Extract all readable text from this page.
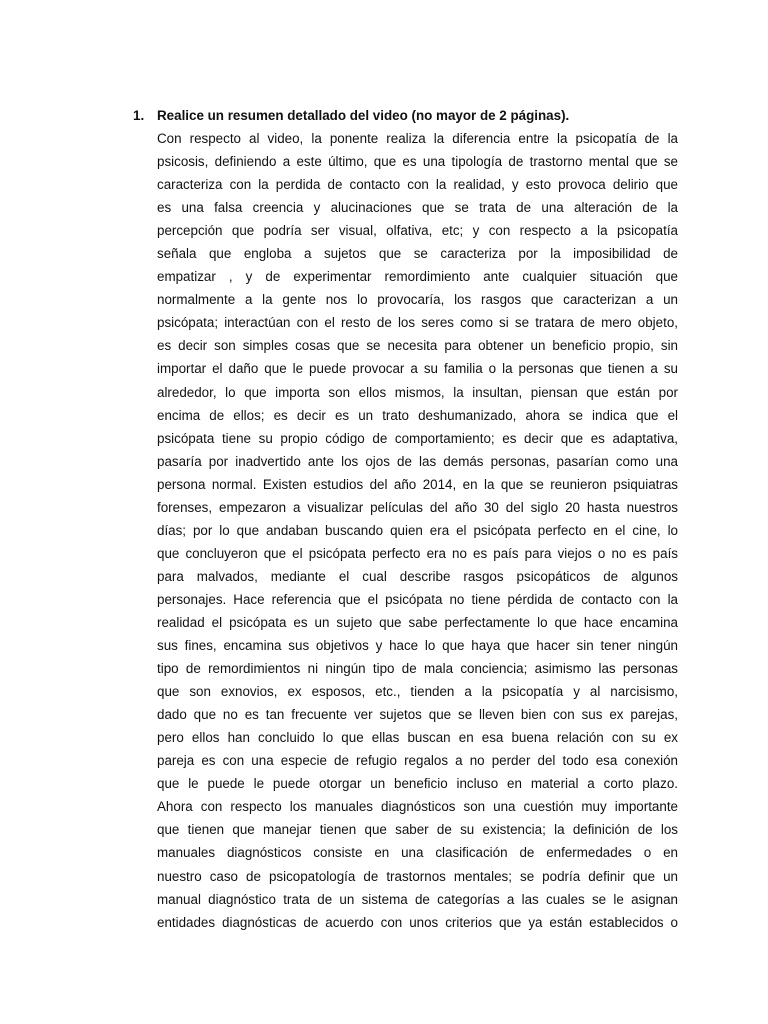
1. Realice un resumen detallado del video (no mayor de 2 páginas).
Con respecto al video, la ponente realiza la diferencia entre la psicopatía de la
psicosis, definiendo a este último, que es una tipología de trastorno mental que se
caracteriza con la perdida de contacto con la realidad, y esto provoca delirio que
es una falsa creencia y alucinaciones que se trata de una alteración de la
percepción que podría ser visual, olfativa, etc; y con respecto a la psicopatía
señala que engloba a sujetos que se caracteriza por la imposibilidad de
empatizar , y de experimentar remordimiento ante cualquier situación que
normalmente a la gente nos lo provocaría, los rasgos que caracterizan a un
psicópata; interactúan con el resto de los seres como si se tratara de mero objeto,
es decir son simples cosas que se necesita para obtener un beneficio propio, sin
importar el daño que le puede provocar a su familia o la personas que tienen a su
alrededor, lo que importa son ellos mismos, la insultan, piensan que están por
encima de ellos; es decir es un trato deshumanizado, ahora se indica que el
psicópata tiene su propio código de comportamiento; es decir que es adaptativa,
pasaría por inadvertido ante los ojos de las demás personas, pasarían como una
persona normal. Existen estudios del año 2014, en la que se reunieron psiquiatras
forenses, empezaron a visualizar películas del año 30 del siglo 20 hasta nuestros
días; por lo que andaban buscando quien era el psicópata perfecto en el cine, lo
que concluyeron que el psicópata perfecto era no es país para viejos o no es país
para malvados, mediante el cual describe rasgos psicopáticos de algunos
personajes. Hace referencia que el psicópata no tiene pérdida de contacto con la
realidad el psicópata es un sujeto que sabe perfectamente lo que hace encamina
sus fines, encamina sus objetivos y hace lo que haya que hacer sin tener ningún
tipo de remordimientos ni ningún tipo de mala conciencia; asimismo las personas
que son exnovios, ex esposos, etc., tienden a la psicopatía y al narcisismo,
dado que no es tan frecuente ver sujetos que se lleven bien con sus ex parejas,
pero ellos han concluido lo que ellas buscan en esa buena relación con su ex
pareja es con una especie de refugio regalos a no perder del todo esa conexión
que le puede le puede otorgar un beneficio incluso en material a corto plazo.
Ahora con respecto los manuales diagnósticos son una cuestión muy importante
que tienen que manejar tienen que saber de su existencia; la definición de los
manuales diagnósticos consiste en una clasificación de enfermedades o en
nuestro caso de psicopatología de trastornos mentales; se podría definir que un
manual diagnóstico trata de un sistema de categorías a las cuales se le asignan
entidades diagnósticas de acuerdo con unos criterios que ya están establecidos o
